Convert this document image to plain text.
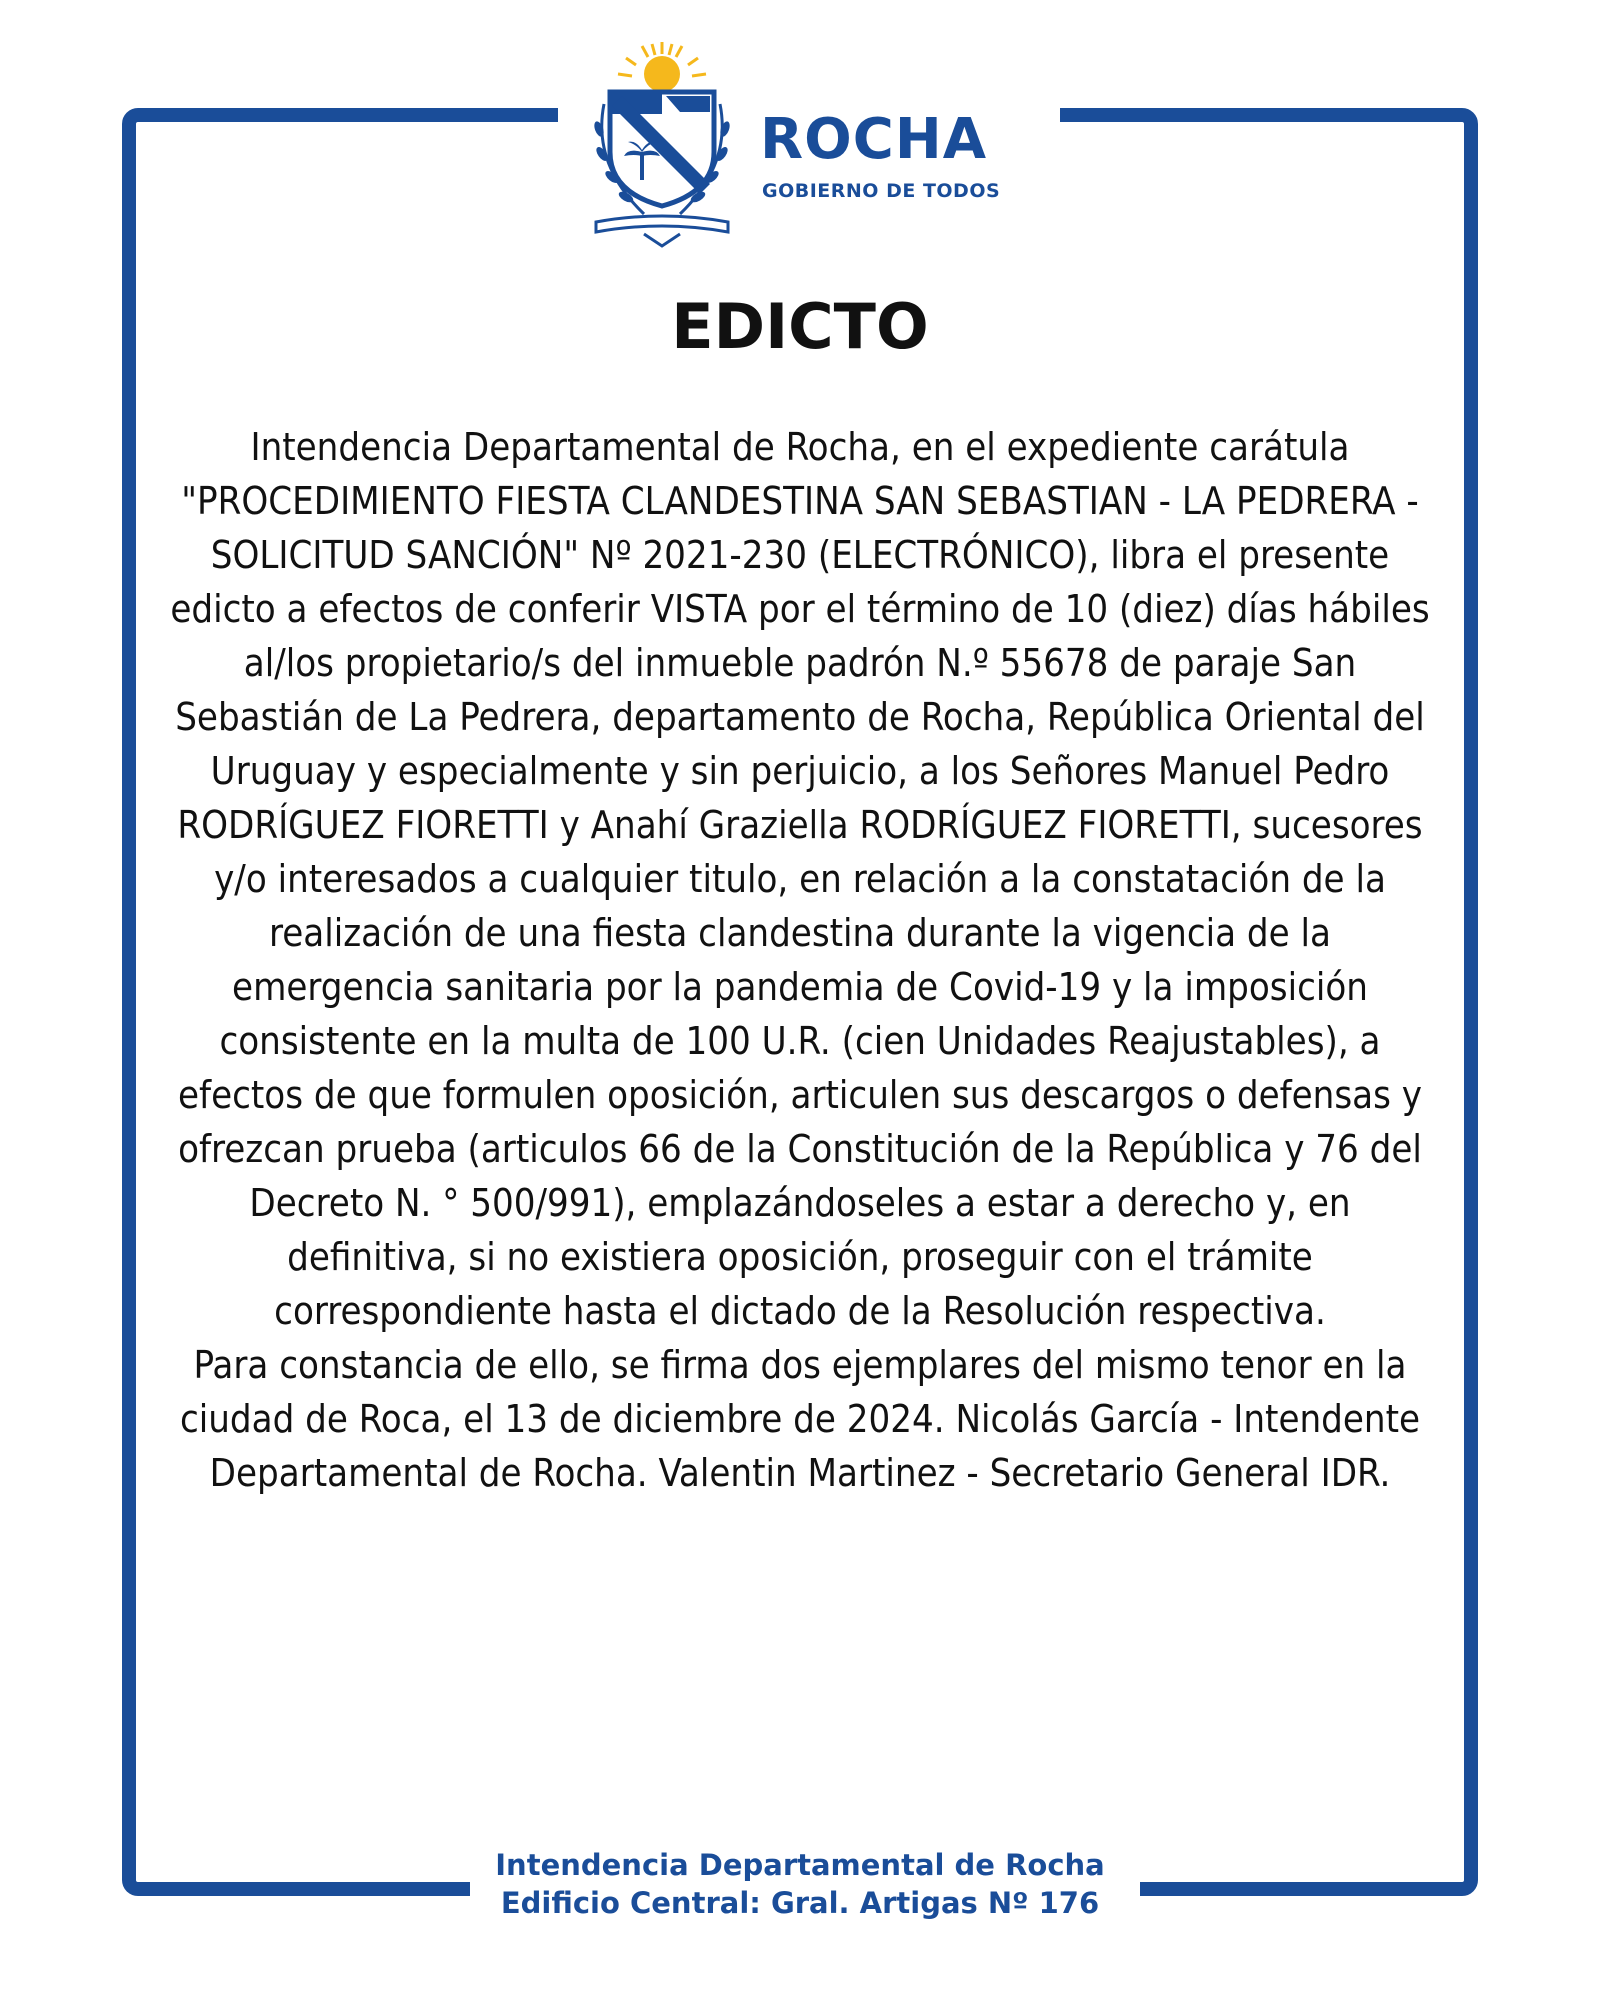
ROCHA
GOBIERNO DE TODOS
EDICTO

Intendencia Departamental de Rocha, en el expediente carátula "PROCEDIMIENTO FIESTA CLANDESTINA SAN SEBASTIAN - LA PEDRERA - SOLICITUD SANCIÓN" Nº 2021-230 (ELECTRÓNICO), libra el presente edicto a efectos de conferir VISTA por el término de 10 (diez) días hábiles al/los propietario/s del inmueble padrón N.º 55678 de paraje San Sebastián de La Pedrera, departamento de Rocha, República Oriental del Uruguay y especialmente y sin perjuicio, a los Señores Manuel Pedro RODRÍGUEZ FIORETTI y Anahí Graziella RODRÍGUEZ FIORETTI, sucesores y/o interesados a cualquier titulo, en relación a la constatación de la realización de una fiesta clandestina durante la vigencia de la emergencia sanitaria por la pandemia de Covid-19 y la imposición consistente en la multa de 100 U.R. (cien Unidades Reajustables), a efectos de que formulen oposición, articulen sus descargos o defensas y ofrezcan prueba (articulos 66 de la Constitución de la República y 76 del Decreto N. ° 500/991), emplazándoseles a estar a derecho y, en definitiva, si no existiera oposición, proseguir con el trámite correspondiente hasta el dictado de la Resolución respectiva.

Para constancia de ello, se firma dos ejemplares del mismo tenor en la ciudad de Roca, el 13 de diciembre de 2024. Nicolás García - Intendente Departamental de Rocha. Valentin Martinez - Secretario General IDR.

Intendencia Departamental de Rocha
Edificio Central: Gral. Artigas Nº 176
